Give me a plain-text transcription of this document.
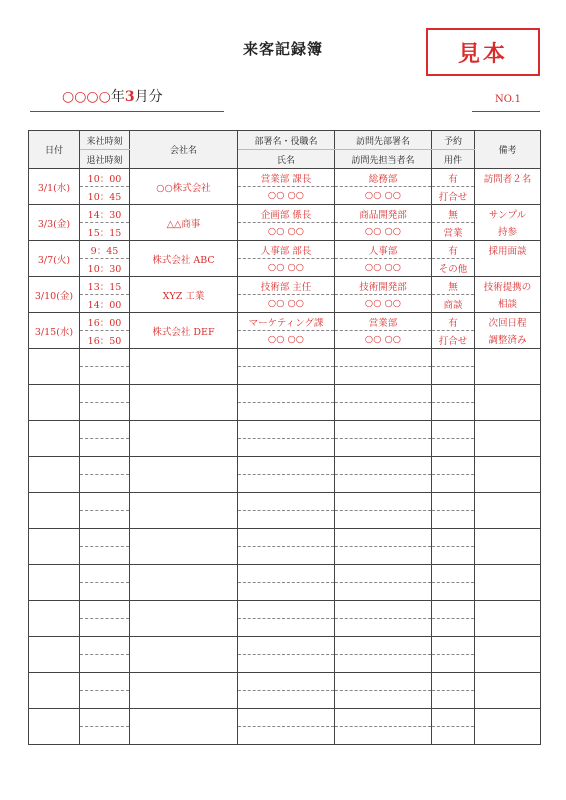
来客記録簿	見本
○○○○年3月分	NO.1
日付	来社時刻	会社名	部署名・役職名	訪問先部署名	予約	備考
	退社時刻		氏名	訪問先担当者名	用件	
3/1(水)	10：00	○○株式会社	営業部 課長	総務部	有	訪問者２名
	10：45		○○ ○○	○○ ○○	打合せ	
3/3(金)	14：30	△△商事	企画部 係長	商品開発部	無	サンプル
	15：15		○○ ○○	○○ ○○	営業	持参
3/7(火)	9：45	株式会社 ABC	人事部 部長	人事部	有	採用面談
	10：30		○○ ○○	○○ ○○	その他	
3/10(金)	13：15	XYZ 工業	技術部 主任	技術開発部	無	技術提携の
	14：00		○○ ○○	○○ ○○	商談	相談
3/15(水)	16：00	株式会社 DEF	マーケティング課	営業部	有	次回日程
	16：50		○○ ○○	○○ ○○	打合せ	調整済み
